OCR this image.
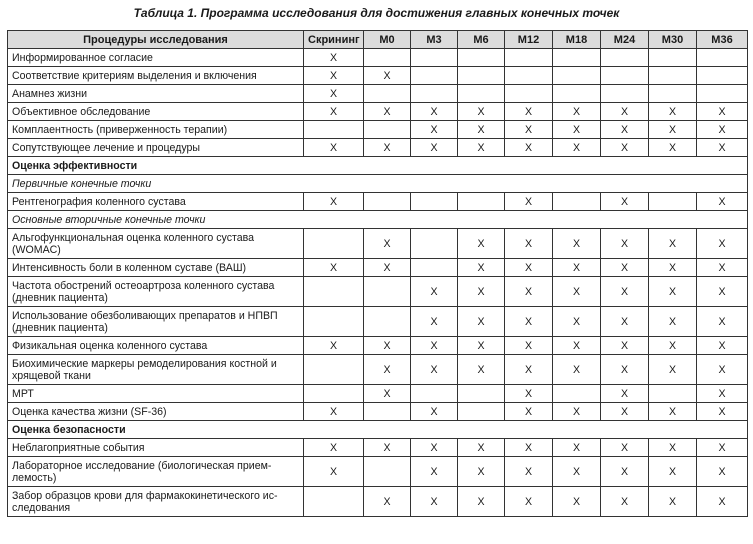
Таблица 1. Программа исследования для достижения главных конечных точек
Процедуры исследования	Скрининг	М0	М3	М6	М12	М18	М24	М30	М36
Информированное согласие	X								
Соответствие критериям выделения и включения	X	X							
Анамнез жизни	X								
Объективное обследование	X	X	X	X	X	X	X	X	X
Комплаентность (приверженность терапии)			X	X	X	X	X	X	X
Сопутствующее лечение и процедуры	X	X	X	X	X	X	X	X	X
Оценка эффективности									
Первичные конечные точки									
Рентгенография коленного сустава	X				X		X		X
Основные вторичные конечные точки									
Альгофункциональная оценка коленного сустава (WOMAC)		X		X	X	X	X	X	X
Интенсивность боли в коленном суставе (ВАШ)	X	X		X	X	X	X	X	X
Частота обострений остеоартроза коленного сустава (дневник пациента)			X	X	X	X	X	X	X
Использование обезболивающих препаратов и НПВП (дневник пациента)			X	X	X	X	X	X	X
Физикальная оценка коленного сустава	X	X	X	X	X	X	X	X	X
Биохимические маркеры ремоделирования костной и хрящевой ткани		X	X	X	X	X	X	X	X
МРТ		X			X		X		X
Оценка качества жизни (SF-36)	X		X		X	X	X	X	X
Оценка безопасности									
Неблагоприятные события	X	X	X	X	X	X	X	X	X
Лабораторное исследование (биологическая прием-лемость)	X		X	X	X	X	X	X	X
Забор образцов крови для фармакокинетического ис-следования		X	X	X	X	X	X	X	X
